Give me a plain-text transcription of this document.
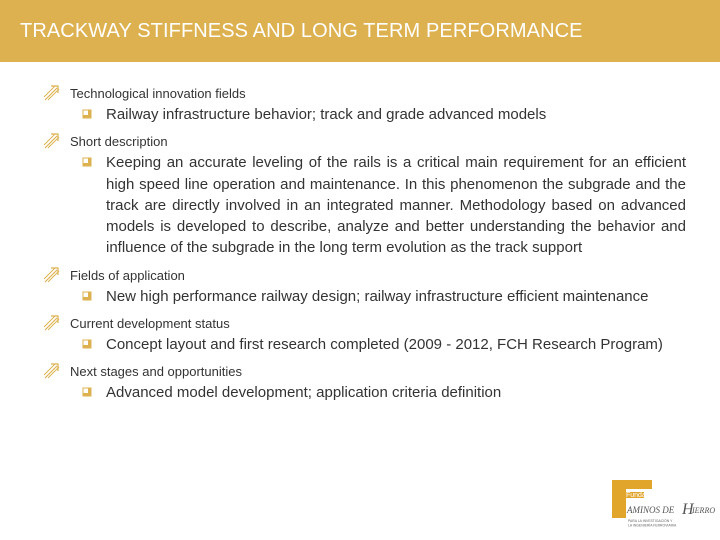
TRACKWAY STIFFNESS AND LONG TERM PERFORMANCE
Technological innovation fields
Railway infrastructure behavior; track and grade advanced models
Short description
Keeping an accurate leveling of the rails is a critical main requirement for an efficient high speed line operation and maintenance. In this phenomenon the subgrade and the track are directly involved in an integrated manner. Methodology based on advanced models is developed to describe, analyze and better understanding the behavior and influence of the subgrade in the long term evolution as the track support
Fields of application
New high performance railway design; railway infrastructure efficient maintenance
Current development status
Concept layout and first research completed (2009 - 2012, FCH Research Program)
Next stages and opportunities
Advanced model development; application criteria definition
Fundación
AMINOS DE H
IERRO
PARA LA INVESTIGACIÓN Y
LA INGENIERÍA FERROVIARIA
